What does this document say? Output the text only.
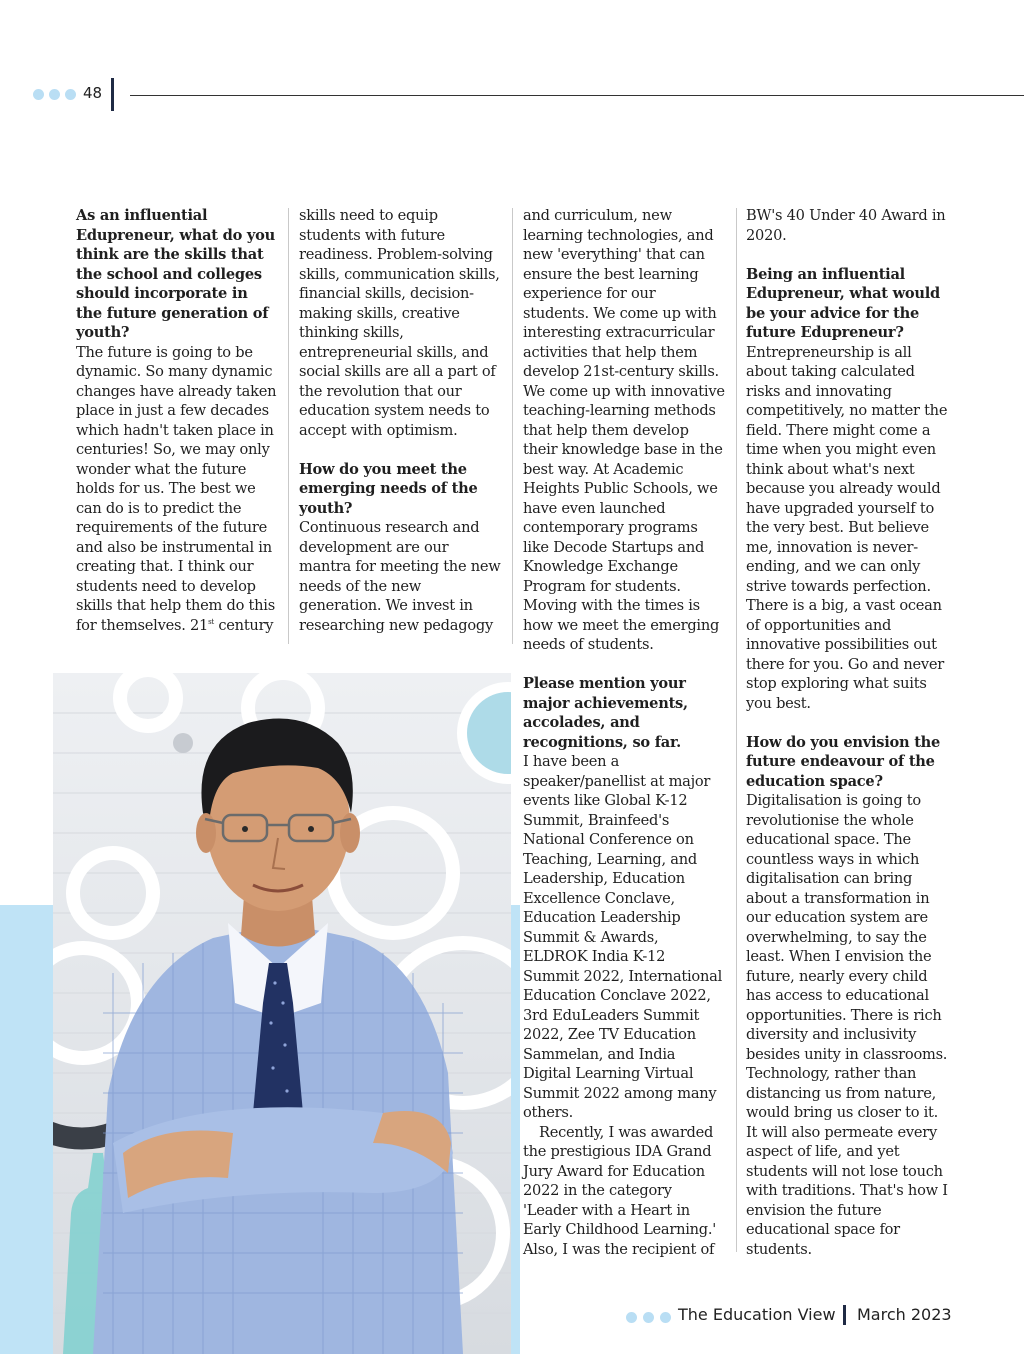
48

As an influential Edupreneur, what do you think are the skills that the school and colleges should incorporate in the future generation of youth?

The future is going to be dynamic. So many dynamic changes have already taken place in just a few decades which hadn't taken place in centuries! So, we may only wonder what the future holds for us. The best we can do is to predict the requirements of the future and also be instrumental in creating that. I think our students need to develop skills that help them do this for themselves. 21st century

skills need to equip students with future readiness. Problem-solving skills, communication skills, financial skills, decision-making skills, creative thinking skills, entrepreneurial skills, and social skills are all a part of the revolution that our education system needs to accept with optimism.

How do you meet the emerging needs of the youth?

Continuous research and development are our mantra for meeting the new needs of the new generation. We invest in researching new pedagogy

and curriculum, new learning technologies, and new 'everything' that can ensure the best learning experience for our students. We come up with interesting extracurricular activities that help them develop 21st-century skills. We come up with innovative teaching-learning methods that help them develop their knowledge base in the best way. At Academic Heights Public Schools, we have even launched contemporary programs like Decode Startups and Knowledge Exchange Program for students. Moving with the times is how we meet the emerging needs of students.

Please mention your major achievements, accolades, and recognitions, so far.

I have been a speaker/panellist at major events like Global K-12 Summit, Brainfeed's National Conference on Teaching, Learning, and Leadership, Education Excellence Conclave, Education Leadership Summit & Awards, ELDROK India K-12 Summit 2022, International Education Conclave 2022, 3rd EduLeaders Summit 2022, Zee TV Education Sammelan, and India Digital Learning Virtual Summit 2022 among many others.

Recently, I was awarded the prestigious IDA Grand Jury Award for Education 2022 in the category 'Leader with a Heart in Early Childhood Learning.' Also, I was the recipient of

BW's 40 Under 40 Award in 2020.

Being an influential Edupreneur, what would be your advice for the future Edupreneur?

Entrepreneurship is all about taking calculated risks and innovating competitively, no matter the field. There might come a time when you might even think about what's next because you already would have upgraded yourself to the very best. But believe me, innovation is never-ending, and we can only strive towards perfection. There is a big, a vast ocean of opportunities and innovative possibilities out there for you. Go and never stop exploring what suits you best.

How do you envision the future endeavour of the education space?

Digitalisation is going to revolutionise the whole educational space. The countless ways in which digitalisation can bring about a transformation in our education system are overwhelming, to say the least. When I envision the future, nearly every child has access to educational opportunities. There is rich diversity and inclusivity besides unity in classrooms. Technology, rather than distancing us from nature, would bring us closer to it. It will also permeate every aspect of life, and yet students will not lose touch with traditions. That's how I envision the future educational space for students.

The Education View March 2023
